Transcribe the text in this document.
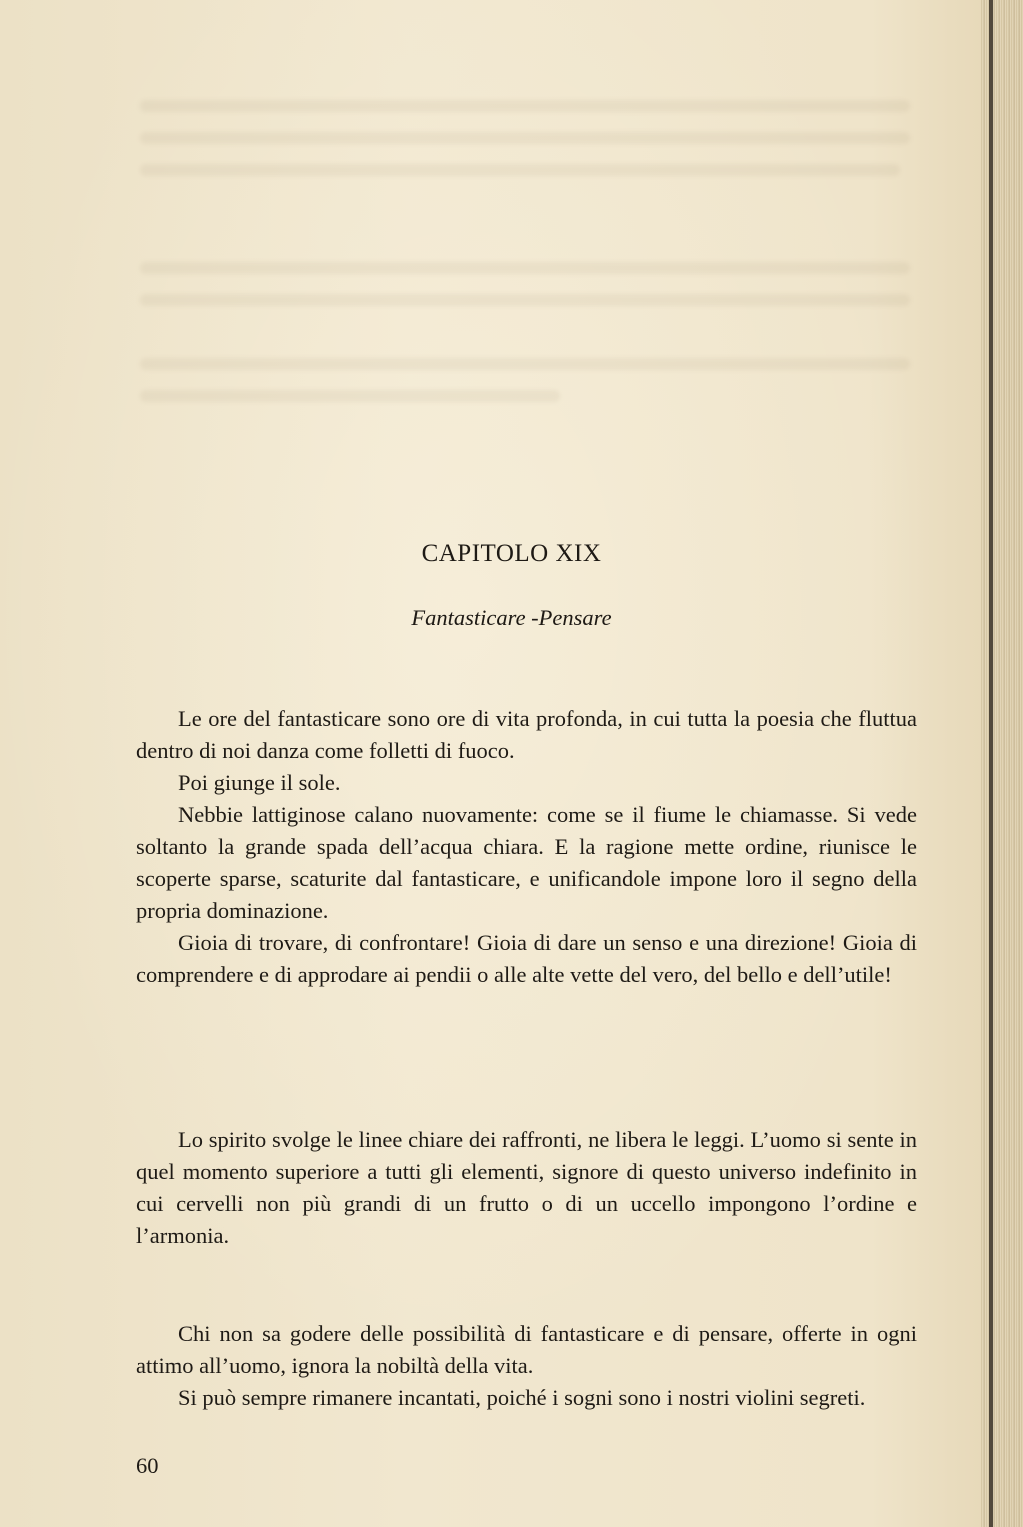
CAPITOLO XIX
Fantasticare -Pensare

Le ore del fantasticare sono ore di vita profonda, in cui tutta la poesia che fluttua dentro di noi danza come folletti di fuoco.

Poi giunge il sole.

Nebbie lattiginose calano nuovamente: come se il fiume le chiamasse. Si vede soltanto la grande spada dell’acqua chiara. E la ragione mette ordine, riunisce le scoperte sparse, scaturite dal fantasticare, e unificandole impone loro il segno della propria dominazione.

Gioia di trovare, di confrontare! Gioia di dare un senso e una direzione! Gioia di comprendere e di approdare ai pendii o alle alte vette del vero, del bello e dell’utile!

Lo spirito svolge le linee chiare dei raffronti, ne libera le leggi. L’uomo si sente in quel momento superiore a tutti gli elementi, signore di questo universo indefinito in cui cervelli non più grandi di un frutto o di un uccello impongono l’ordine e l’armonia.

Chi non sa godere delle possibilità di fantasticare e di pensare, offerte in ogni attimo all’uomo, ignora la nobiltà della vita.

Si può sempre rimanere incantati, poiché i sogni sono i nostri violini segreti.

60
